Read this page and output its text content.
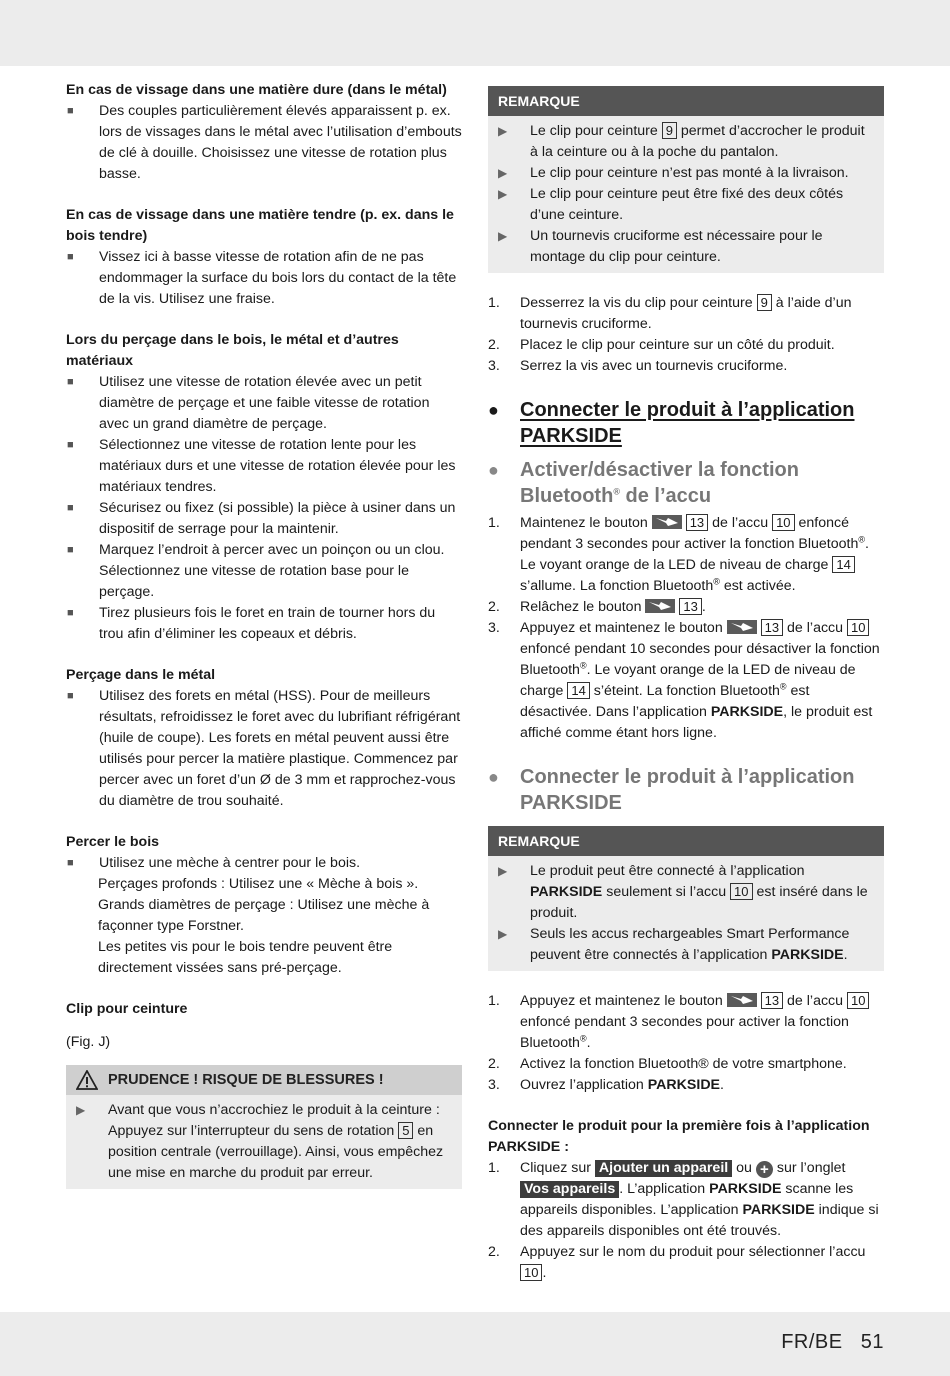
En cas de vissage dans une matière dure (dans le métal)

■	Des couples particulièrement élevés apparaissent p. ex. lors de vissages dans le métal avec l’utilisation d’embouts de clé à douille. Choisissez une vitesse de rotation plus basse.

En cas de vissage dans une matière tendre (p. ex. dans le bois tendre)

■	Vissez ici à basse vitesse de rotation afin de ne pas endommager la surface du bois lors du contact de la tête de la vis. Utilisez une fraise.

Lors du perçage dans le bois, le métal et d’autres matériaux

■	Utilisez une vitesse de rotation élevée avec un petit diamètre de perçage et une faible vitesse de rotation avec un grand diamètre de perçage.
■	Sélectionnez une vitesse de rotation lente pour les matériaux durs et une vitesse de rotation élevée pour les matériaux tendres.
■	Sécurisez ou fixez (si possible) la pièce à usiner dans un dispositif de serrage pour la maintenir.
■	Marquez l’endroit à percer avec un poinçon ou un clou. Sélectionnez une vitesse de rotation base pour le perçage.
■	Tirez plusieurs fois le foret en train de tourner hors du trou afin d’éliminer les copeaux et débris.

Perçage dans le métal

■	Utilisez des forets en métal (HSS). Pour de meilleurs résultats, refroidissez le foret avec du lubrifiant réfrigérant (huile de coupe). Les forets en métal peuvent aussi être utilisés pour percer la matière plastique. Commencez par percer avec un foret d’un Ø de 3 mm et rapprochez-vous du diamètre de trou souhaité.

Percer le bois

■	Utilisez une mèche à centrer pour le bois.

Perçages profonds : Utilisez une « Mèche à bois ».

Grands diamètres de perçage : Utilisez une mèche à façonner type Forstner.

Les petites vis pour le bois tendre peuvent être directement vissées sans pré-perçage.

Clip pour ceinture

(Fig. J)

PRUDENCE ! RISQUE DE BLESSURES !
▶	Avant que vous n’accrochiez le produit à la ceinture : Appuyez sur l’interrupteur du sens de rotation 5 en position centrale (verrouillage). Ainsi, vous empêchez une mise en marche du produit par erreur.
REMARQUE
▶	Le clip pour ceinture 9 permet d’accrocher le produit à la ceinture ou à la poche du pantalon.
▶	Le clip pour ceinture n’est pas monté à la livraison.
▶	Le clip pour ceinture peut être fixé des deux côtés d’une ceinture.
▶	Un tournevis cruciforme est nécessaire pour le montage du clip pour ceinture.
1.	Desserrez la vis du clip pour ceinture 9 à l’aide d’un tournevis cruciforme.
2.	Placez le clip pour ceinture sur un côté du produit.
3.	Serrez la vis avec un tournevis cruciforme.
●	Connecter le produit à l’application PARKSIDE
●	Activer/désactiver la fonction Bluetooth® de l’accu
1.	Maintenez le bouton	13 de l’accu 10 enfoncé pendant 3 secondes pour activer la fonction Bluetooth®. Le voyant orange de la LED de niveau de charge 14 s’allume. La fonction Bluetooth® est activée.
2.	Relâchez le bouton	13 .
3.	Appuyez et maintenez le bouton	13 de l’accu 10 enfoncé pendant 10 secondes pour désactiver la fonction Bluetooth®. Le voyant orange de la LED de niveau de charge 14 s’éteint. La fonction Bluetooth® est désactivée. Dans l’application PARKSIDE, le produit est affiché comme étant hors ligne.
●	Connecter le produit à l’application PARKSIDE
REMARQUE
▶	Le produit peut être connecté à l’application PARKSIDE seulement si l’accu 10 est inséré dans le produit.
▶	Seuls les accus rechargeables Smart Performance peuvent être connectés à l’application PARKSIDE.
1.	Appuyez et maintenez le bouton	13 de l’accu 10 enfoncé pendant 3 secondes pour activer la fonction Bluetooth®.
2.	Activez la fonction Bluetooth® de votre smartphone.
3.	Ouvrez l’application PARKSIDE.

Connecter le produit pour la première fois à l’application PARKSIDE :

1.	Cliquez sur Ajouter un appareil ou + sur l’onglet Vos appareils . L’application PARKSIDE scanne les appareils disponibles. L’application PARKSIDE indique si des appareils disponibles ont été trouvés.
2.	Appuyez sur le nom du produit pour sélectionner l’accu 10 .
FR/BE   51
